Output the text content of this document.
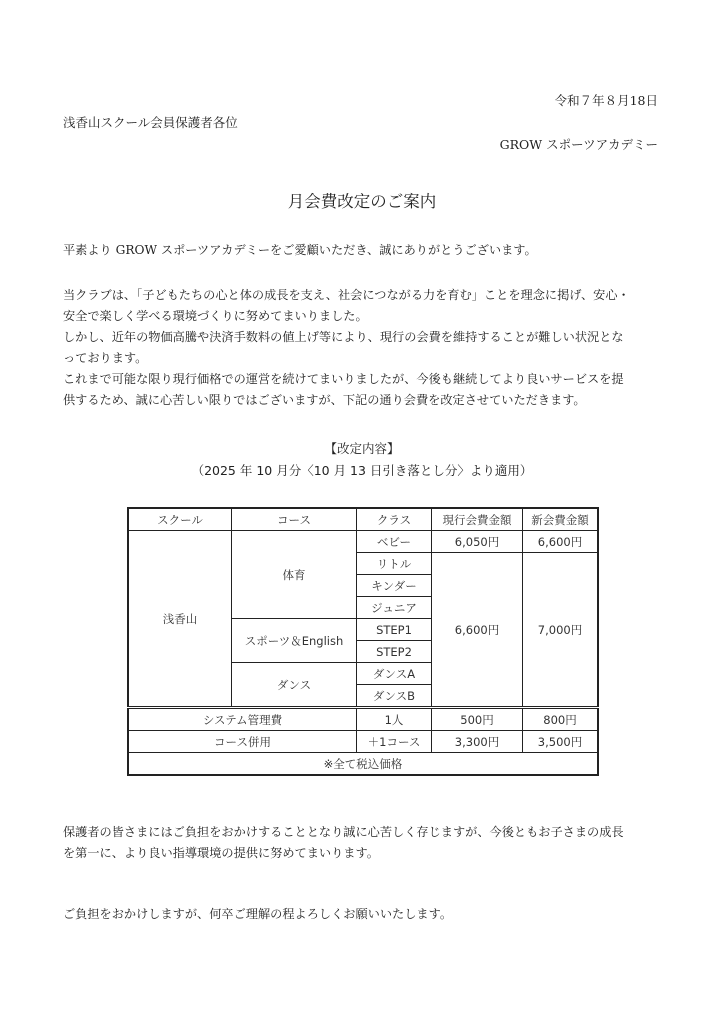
令和７年８月18日
浅香山スクール会員保護者各位
GROW スポーツアカデミー
月会費改定のご案内
平素より GROW スポーツアカデミーをご愛顧いただき、誠にありがとうございます。
当クラブは、「子どもたちの心と体の成長を支え、社会につながる力を育む」ことを理念に掲げ、安心・
安全で楽しく学べる環境づくりに努めてまいりました。
しかし、近年の物価高騰や決済手数料の値上げ等により、現行の会費を維持することが難しい状況とな
っております。
これまで可能な限り現行価格での運営を続けてまいりましたが、今後も継続してより良いサービスを提
供するため、誠に心苦しい限りではございますが、下記の通り会費を改定させていただきます。
【改定内容】
（2025 年 10 月分〈10 月 13 日引き落とし分〉より適用）
スクール	コース	クラス	現行会費金額	新会費金額
浅香山	体育	ベビー	6,050円	6,600円
		リトル	6,600円	7,000円
		キンダー		
		ジュニア		
	スポーツ＆English	STEP1		
		STEP2		
	ダンス	ダンスA		
		ダンスB		
システム管理費		1人	500円	800円
コース併用		＋1コース	3,300円	3,500円
※全て税込価格				
保護者の皆さまにはご負担をおかけすることとなり誠に心苦しく存じますが、今後ともお子さまの成長
を第一に、より良い指導環境の提供に努めてまいります。
ご負担をおかけしますが、何卒ご理解の程よろしくお願いいたします。
